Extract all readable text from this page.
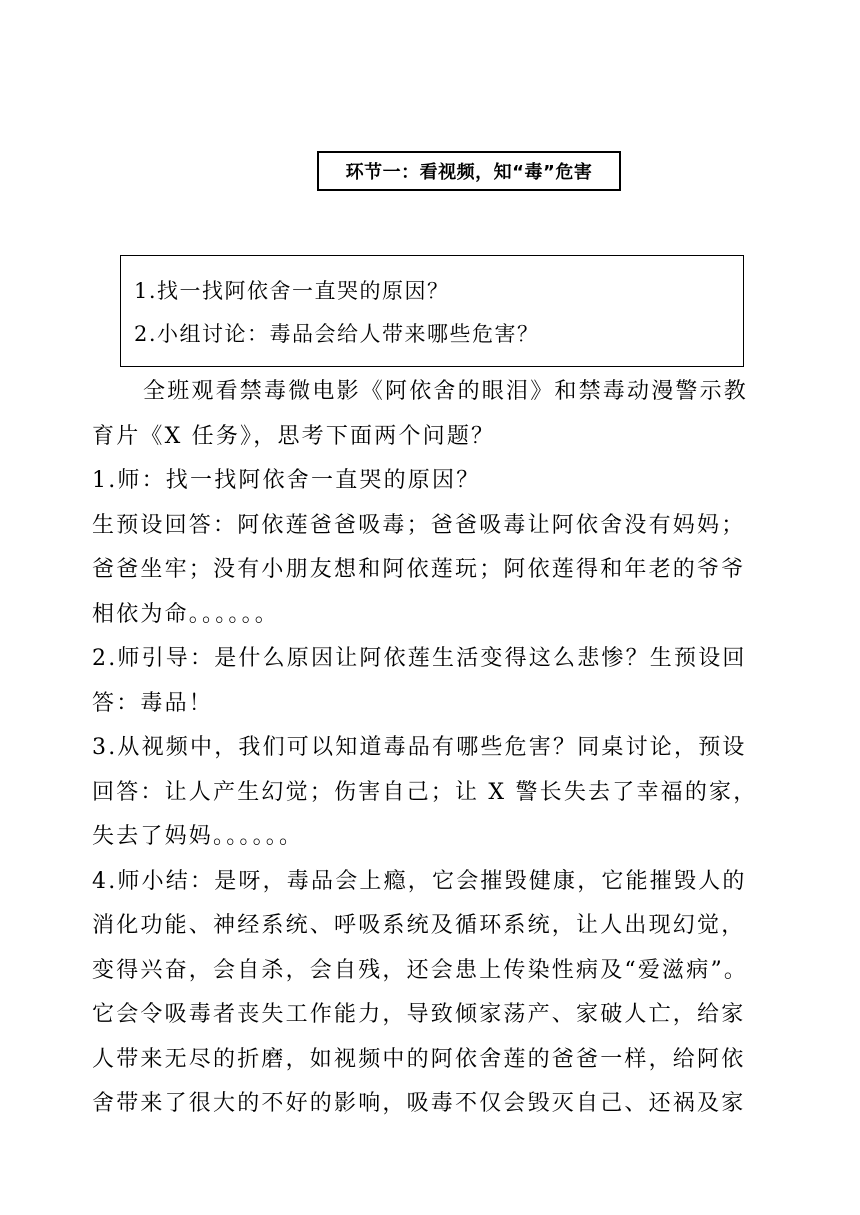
环节一：看视频，知“毒”危害
1.找一找阿依舍一直哭的原因？
2.小组讨论：毒品会给人带来哪些危害？
全班观看禁毒微电影《阿依舍的眼泪》和禁毒动漫警示教
育片《X 任务》，思考下面两个问题？
1.师：找一找阿依舍一直哭的原因？
生预设回答：阿依莲爸爸吸毒；爸爸吸毒让阿依舍没有妈妈；
爸爸坐牢；没有小朋友想和阿依莲玩；阿依莲得和年老的爷爷
相依为命。。。。。。
2.师引导：是什么原因让阿依莲生活变得这么悲惨？生预设回
答：毒品！
3.从视频中，我们可以知道毒品有哪些危害？同桌讨论，预设
回答：让人产生幻觉；伤害自己；让 X 警长失去了幸福的家，
失去了妈妈。。。。。。
4.师小结：是呀，毒品会上瘾，它会摧毁健康，它能摧毁人的
消化功能、神经系统、呼吸系统及循环系统，让人出现幻觉，
变得兴奋，会自杀，会自残，还会患上传染性病及“爱滋病”。
它会令吸毒者丧失工作能力，导致倾家荡产、家破人亡，给家
人带来无尽的折磨，如视频中的阿依舍莲的爸爸一样，给阿依
舍带来了很大的不好的影响，吸毒不仅会毁灭自己、还祸及家
